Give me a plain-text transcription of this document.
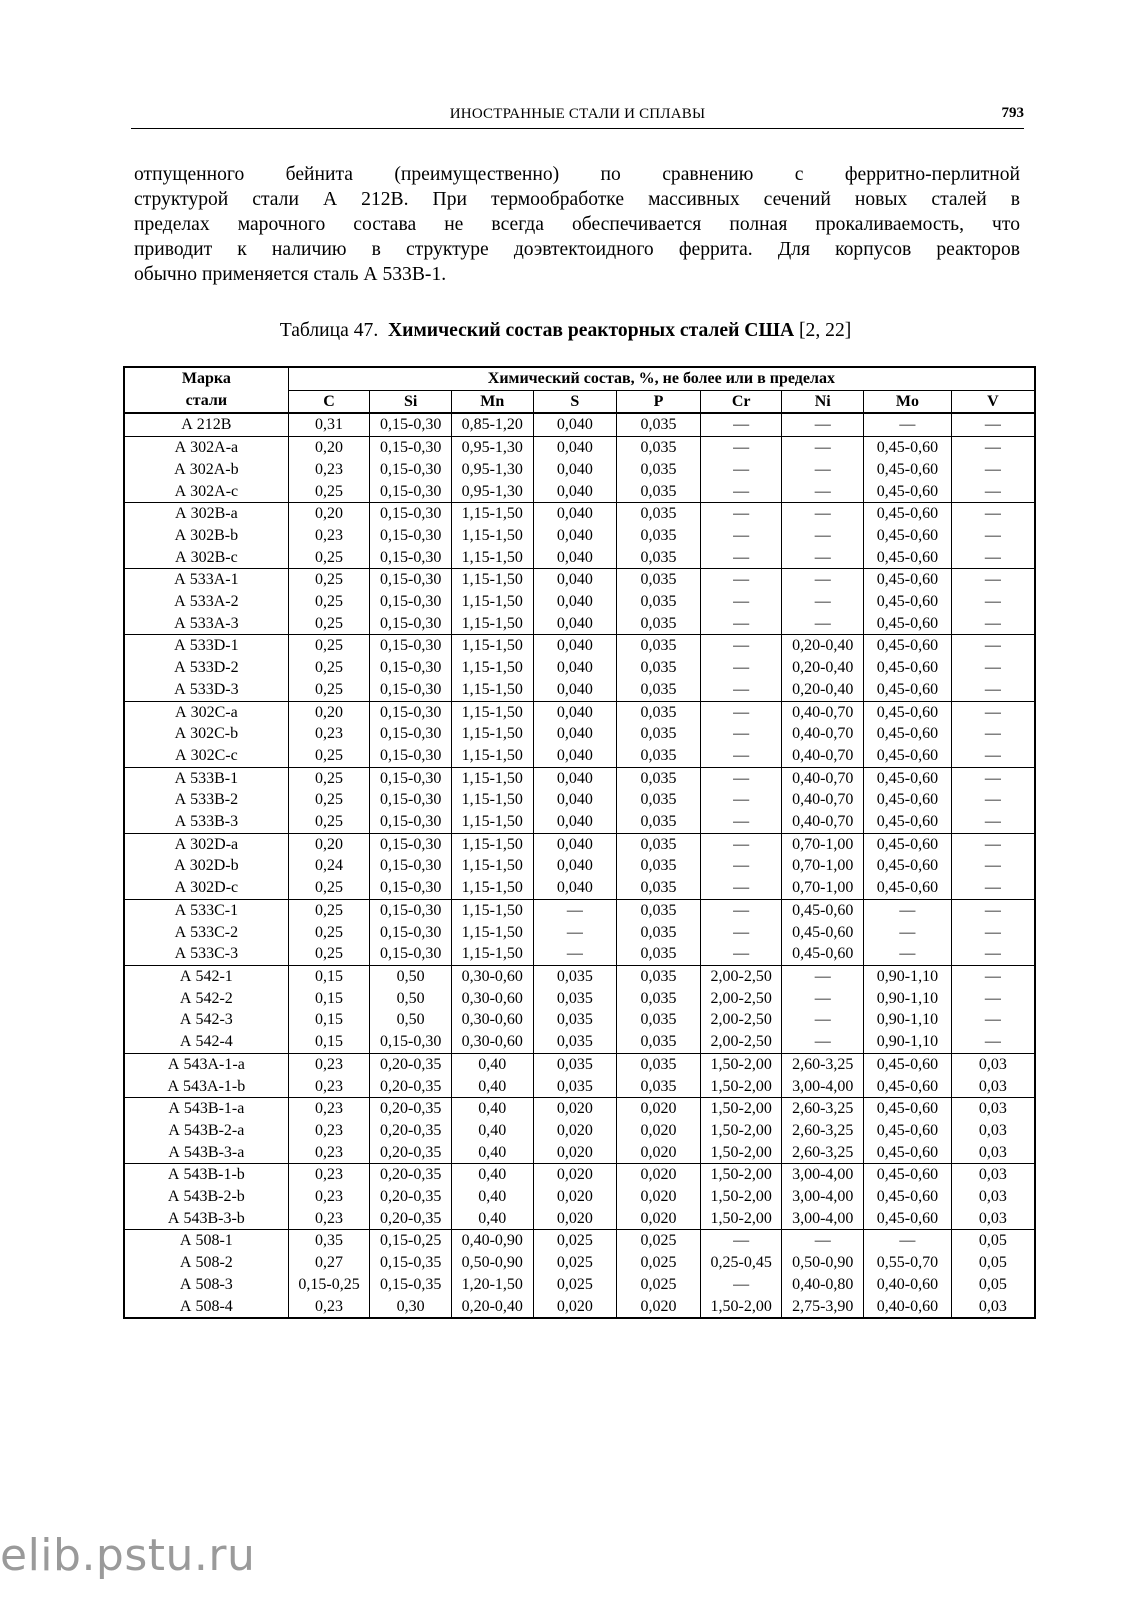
ИНОСТРАННЫЕ СТАЛИ И СПЛАВЫ	793
отпущенного бейнита (преимущественно) по сравнению с ферритно-перлитной
структурой стали А 212В. При термообработке массивных сечений новых сталей в
пределах марочного состава не всегда обеспечивается полная прокаливаемость, что
приводит к наличию в структуре доэвтектоидного феррита. Для корпусов реакторов
обычно применяется сталь А 533В-1.
Таблица 47. Химический состав реакторных сталей США [2, 22]
Марка	Химический состав, %, не более или в пределах								
стали	C	Si	Mn	S	P	Cr	Ni	Mo	V
А 212В	0,31	0,15-0,30	0,85-1,20	0,040	0,035	—	—	—	—
А 302А-а	0,20	0,15-0,30	0,95-1,30	0,040	0,035	—	—	0,45-0,60	—
А 302А-b	0,23	0,15-0,30	0,95-1,30	0,040	0,035	—	—	0,45-0,60	—
А 302А-c	0,25	0,15-0,30	0,95-1,30	0,040	0,035	—	—	0,45-0,60	—
А 302В-а	0,20	0,15-0,30	1,15-1,50	0,040	0,035	—	—	0,45-0,60	—
А 302В-b	0,23	0,15-0,30	1,15-1,50	0,040	0,035	—	—	0,45-0,60	—
А 302В-c	0,25	0,15-0,30	1,15-1,50	0,040	0,035	—	—	0,45-0,60	—
А 533А-1	0,25	0,15-0,30	1,15-1,50	0,040	0,035	—	—	0,45-0,60	—
А 533А-2	0,25	0,15-0,30	1,15-1,50	0,040	0,035	—	—	0,45-0,60	—
А 533А-3	0,25	0,15-0,30	1,15-1,50	0,040	0,035	—	—	0,45-0,60	—
А 533D-1	0,25	0,15-0,30	1,15-1,50	0,040	0,035	—	0,20-0,40	0,45-0,60	—
А 533D-2	0,25	0,15-0,30	1,15-1,50	0,040	0,035	—	0,20-0,40	0,45-0,60	—
А 533D-3	0,25	0,15-0,30	1,15-1,50	0,040	0,035	—	0,20-0,40	0,45-0,60	—
А 302С-а	0,20	0,15-0,30	1,15-1,50	0,040	0,035	—	0,40-0,70	0,45-0,60	—
А 302С-b	0,23	0,15-0,30	1,15-1,50	0,040	0,035	—	0,40-0,70	0,45-0,60	—
А 302С-c	0,25	0,15-0,30	1,15-1,50	0,040	0,035	—	0,40-0,70	0,45-0,60	—
А 533В-1	0,25	0,15-0,30	1,15-1,50	0,040	0,035	—	0,40-0,70	0,45-0,60	—
А 533В-2	0,25	0,15-0,30	1,15-1,50	0,040	0,035	—	0,40-0,70	0,45-0,60	—
А 533В-3	0,25	0,15-0,30	1,15-1,50	0,040	0,035	—	0,40-0,70	0,45-0,60	—
А 302D-а	0,20	0,15-0,30	1,15-1,50	0,040	0,035	—	0,70-1,00	0,45-0,60	—
А 302D-b	0,24	0,15-0,30	1,15-1,50	0,040	0,035	—	0,70-1,00	0,45-0,60	—
А 302D-c	0,25	0,15-0,30	1,15-1,50	0,040	0,035	—	0,70-1,00	0,45-0,60	—
А 533С-1	0,25	0,15-0,30	1,15-1,50	—	0,035	—	0,45-0,60	—	—
А 533С-2	0,25	0,15-0,30	1,15-1,50	—	0,035	—	0,45-0,60	—	—
А 533С-3	0,25	0,15-0,30	1,15-1,50	—	0,035	—	0,45-0,60	—	—
А 542-1	0,15	0,50	0,30-0,60	0,035	0,035	2,00-2,50	—	0,90-1,10	—
А 542-2	0,15	0,50	0,30-0,60	0,035	0,035	2,00-2,50	—	0,90-1,10	—
А 542-3	0,15	0,50	0,30-0,60	0,035	0,035	2,00-2,50	—	0,90-1,10	—
А 542-4	0,15	0,15-0,30	0,30-0,60	0,035	0,035	2,00-2,50	—	0,90-1,10	—
А 543А-1-а	0,23	0,20-0,35	0,40	0,035	0,035	1,50-2,00	2,60-3,25	0,45-0,60	0,03
А 543А-1-b	0,23	0,20-0,35	0,40	0,035	0,035	1,50-2,00	3,00-4,00	0,45-0,60	0,03
А 543В-1-а	0,23	0,20-0,35	0,40	0,020	0,020	1,50-2,00	2,60-3,25	0,45-0,60	0,03
А 543В-2-а	0,23	0,20-0,35	0,40	0,020	0,020	1,50-2,00	2,60-3,25	0,45-0,60	0,03
А 543В-3-а	0,23	0,20-0,35	0,40	0,020	0,020	1,50-2,00	2,60-3,25	0,45-0,60	0,03
А 543В-1-b	0,23	0,20-0,35	0,40	0,020	0,020	1,50-2,00	3,00-4,00	0,45-0,60	0,03
А 543В-2-b	0,23	0,20-0,35	0,40	0,020	0,020	1,50-2,00	3,00-4,00	0,45-0,60	0,03
А 543В-3-b	0,23	0,20-0,35	0,40	0,020	0,020	1,50-2,00	3,00-4,00	0,45-0,60	0,03
А 508-1	0,35	0,15-0,25	0,40-0,90	0,025	0,025	—	—	—	0,05
А 508-2	0,27	0,15-0,35	0,50-0,90	0,025	0,025	0,25-0,45	0,50-0,90	0,55-0,70	0,05
А 508-3	0,15-0,25	0,15-0,35	1,20-1,50	0,025	0,025	—	0,40-0,80	0,40-0,60	0,05
А 508-4	0,23	0,30	0,20-0,40	0,020	0,020	1,50-2,00	2,75-3,90	0,40-0,60	0,03
elib.pstu.ru
